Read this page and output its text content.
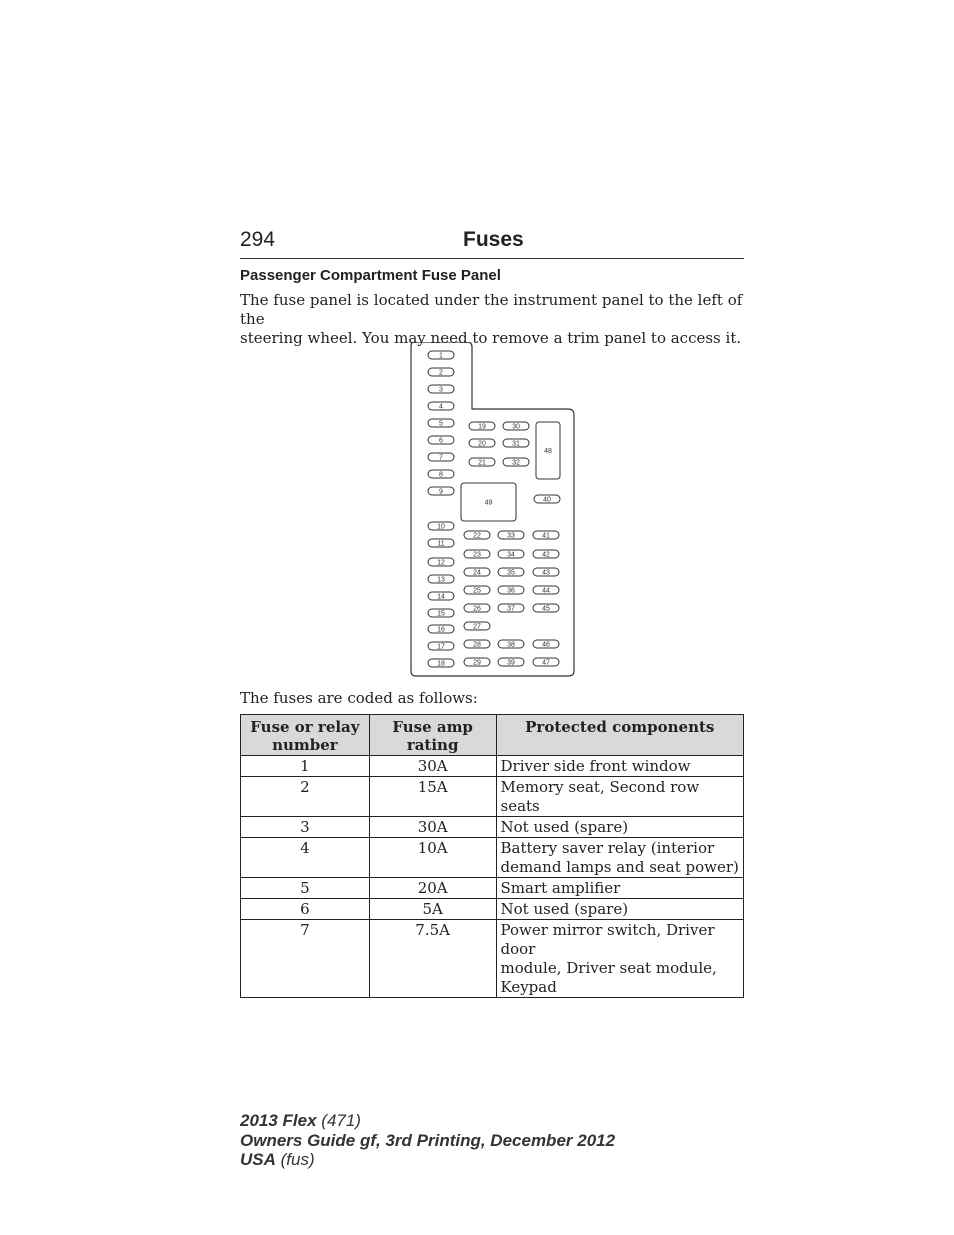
294	Fuses
Passenger Compartment Fuse Panel
The fuse panel is located under the instrument panel to the left of the
steering wheel. You may need to remove a trim panel to access it.
1
2
3
4
5
6
7
8
9
10
11
12
13
14
15
16
17
18
19
20
21
30
31
32
48
49	40
22
23
24
25
26
27
28
29
33
34
35
36
37
38
39
41
42
43
44
45
46
47
The fuses are coded as follows:
Fuse or relay number	Fuse amp rating	Protected components
1	30A	Driver side front window

2	15A	Memory seat, Second row seats

3	30A	Not used (spare)

4	10A	Battery saver relay (interior
demand lamps and seat power)

5	20A	Smart amplifier

6	5A	Not used (spare)

7	7.5A	Power mirror switch, Driver door
module, Driver seat module,
Keypad
2013 Flex (471)
Owners Guide gf, 3rd Printing, December 2012
USA (fus)
